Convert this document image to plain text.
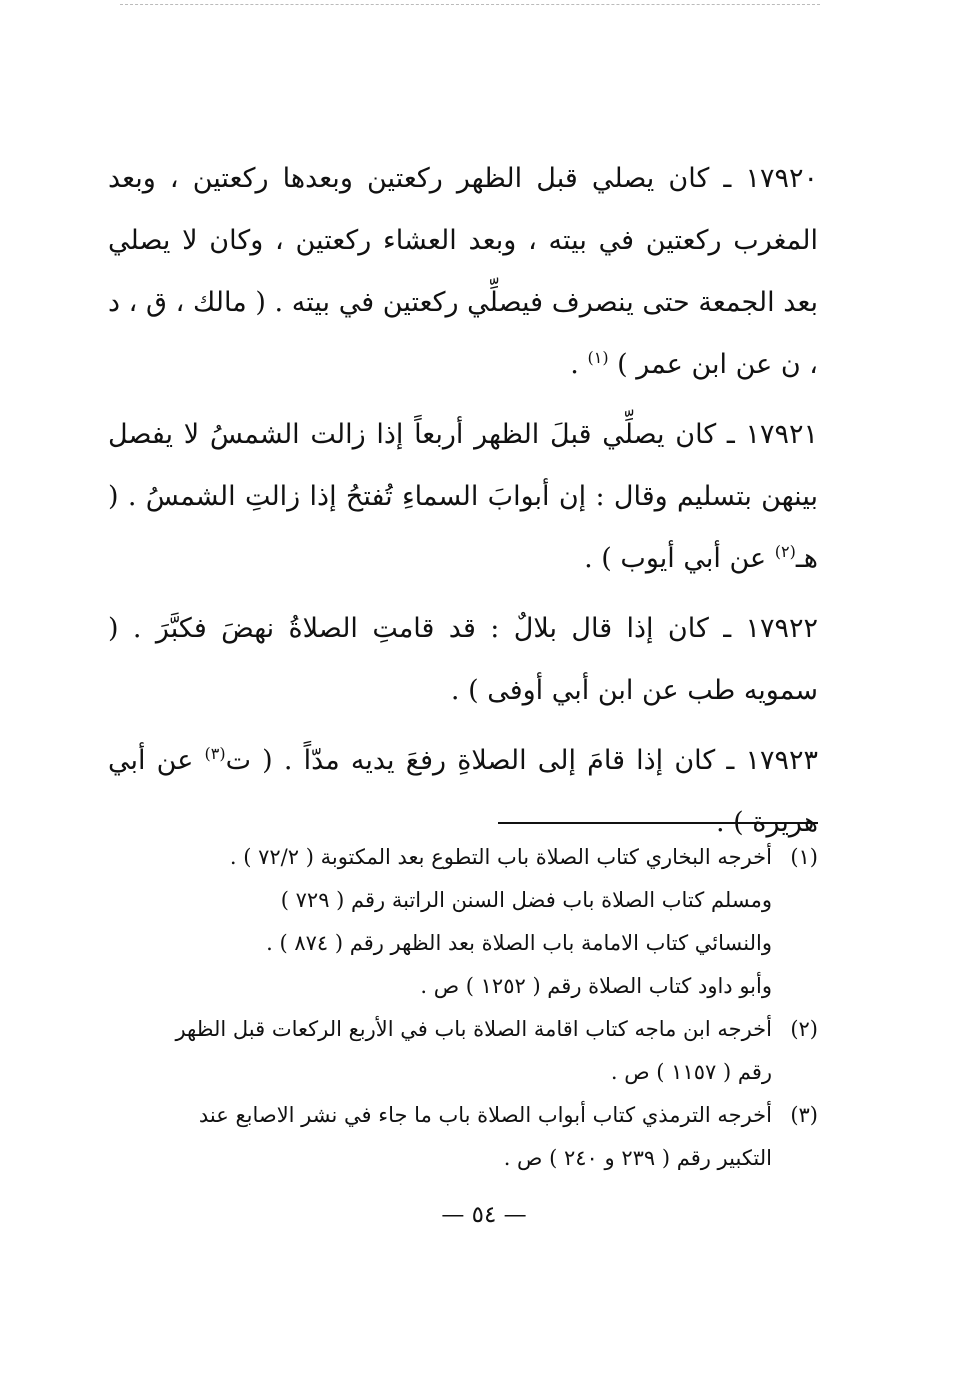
١٧٩٢٠ ـ كان يصلي قبل الظهر ركعتين وبعدها ركعتين ، وبعد المغرب ركعتين في بيته ، وبعد العشاء ركعتين ، وكان لا يصلي بعد الجمعة حتى ينصرف فيصلِّي ركعتين في بيته . ( مالك ، ق ، د ، ن عن ابن عمر ) $^{(١)}$ .

١٧٩٢١ ـ كان يصلِّي قبلَ الظهر أربعاً إذا زالت الشمسُ لا يفصل بينهن بتسليم وقال : إن أبوابَ السماءِ تُفتحُ إذا زالتِ الشمسُ . ( هـ$^{(٢)}$ عن أبي أيوب ) .

١٧٩٢٢ ـ كان إذا قال بلالٌ : قد قامتِ الصلاةُ نهضَ فكبَّرَ . ( سمويه طب عن ابن أبي أوفى ) .

١٧٩٢٣ ـ كان إذا قامَ إلى الصلاةِ رفعَ يديه مدّاً . ( ت$^{(٣)}$ عن أبي هريرة ) .

(١)
أخرجه البخاري كتاب الصلاة باب التطوع بعد المكتوبة ( ٧٢/٢ ) .
ومسلم كتاب الصلاة باب فضل السنن الراتبة رقم ( ٧٢٩ )
والنسائي كتاب الامامة باب الصلاة بعد الظهر رقم ( ٨٧٤ ) .
وأبو داود كتاب الصلاة رقم ( ١٢٥٢ ) ص .
(٢)
أخرجه ابن ماجه كتاب اقامة الصلاة باب في الأربع الركعات قبل الظهر
رقم ( ١١٥٧ ) ص .
(٣)
أخرجه الترمذي كتاب أبواب الصلاة باب ما جاء في نشر الاصابع عند
التكبير رقم ( ٢٣٩ و ٢٤٠ ) ص .
— ٥٤ —
